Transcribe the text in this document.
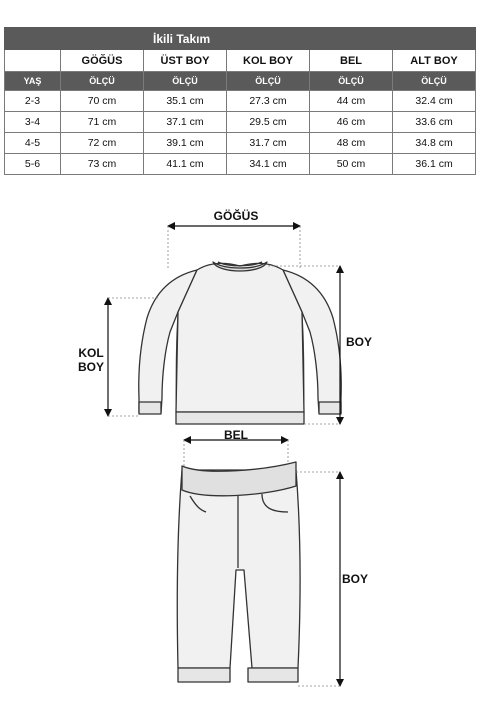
İkili Takım					
	GÖĞÜS	ÜST BOY	KOL BOY	BEL	ALT BOY
YAŞ	ÖLÇÜ	ÖLÇÜ	ÖLÇÜ	ÖLÇÜ	ÖLÇÜ
2-3	70 cm	35.1 cm	27.3 cm	44 cm	32.4 cm
3-4	71 cm	37.1 cm	29.5 cm	46 cm	33.6 cm
4-5	72 cm	39.1 cm	31.7 cm	48 cm	34.8 cm
5-6	73 cm	41.1 cm	34.1 cm	50 cm	36.1 cm
GÖĞÜS
KOL
BOY
BOY
BEL
BOY
